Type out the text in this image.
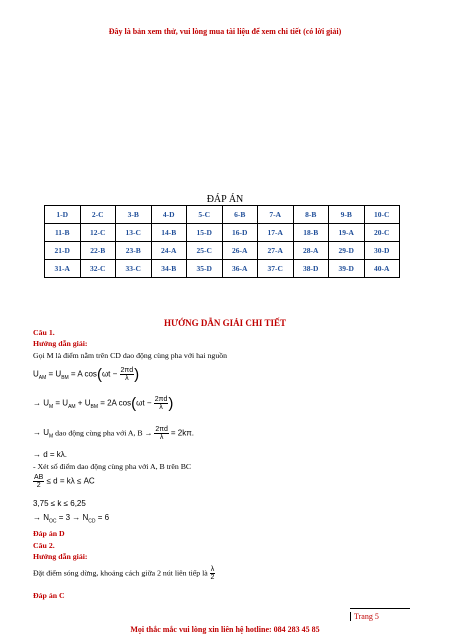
Đây là bản xem thử, vui lòng mua tài liệu để xem chi tiết (có lời giải)
ĐÁP ÁN
1-D	2-C	3-B	4-D	5-C	6-B	7-A	8-B	9-B	10-C
11-B	12-C	13-C	14-B	15-D	16-D	17-A	18-B	19-A	20-C
21-D	22-B	23-B	24-A	25-C	26-A	27-A	28-A	29-D	30-D
31-A	32-C	33-C	34-B	35-D	36-A	37-C	38-D	39-D	40-A
HƯỚNG DẪN GIẢI CHI TIẾT
Câu 1.
Hướng dẫn giải:
Gọi M là điểm nằm trên CD dao động cùng pha với hai nguồn
$U_{AM} = U_{BM} = A$ $\cos(\omega t - \frac{2\pi d}{\lambda}$ )
→ $U_M = U_{AM} + U_{BM} = 2A$ $\cos(\omega t - \frac{2\pi d}{\lambda}$ )
→ $U_M$ dao động cùng pha với A, $B \to \frac{2\pi d}{\lambda} = 2k\pi$.
→ d = kλ.
- Xét số điểm dao động cùng pha với A, B trên BC
$\frac{AB}{2} \le d = k\lambda$ ≤ AC
3,75 ≤ k ≤ 6,25
→ $N_{OC} = 3 \to N_{CD} = 6$
Đáp án D
Câu 2.
Hướng dẫn giải:
Đặt điểm sóng dừng, khoảng cách giữa 2 nút liên tiếp là $\frac{\lambda}{2}$
Đáp án C
Trang 5
Mọi thắc mắc vui lòng xin liên hệ hotline: 084 283 45 85
